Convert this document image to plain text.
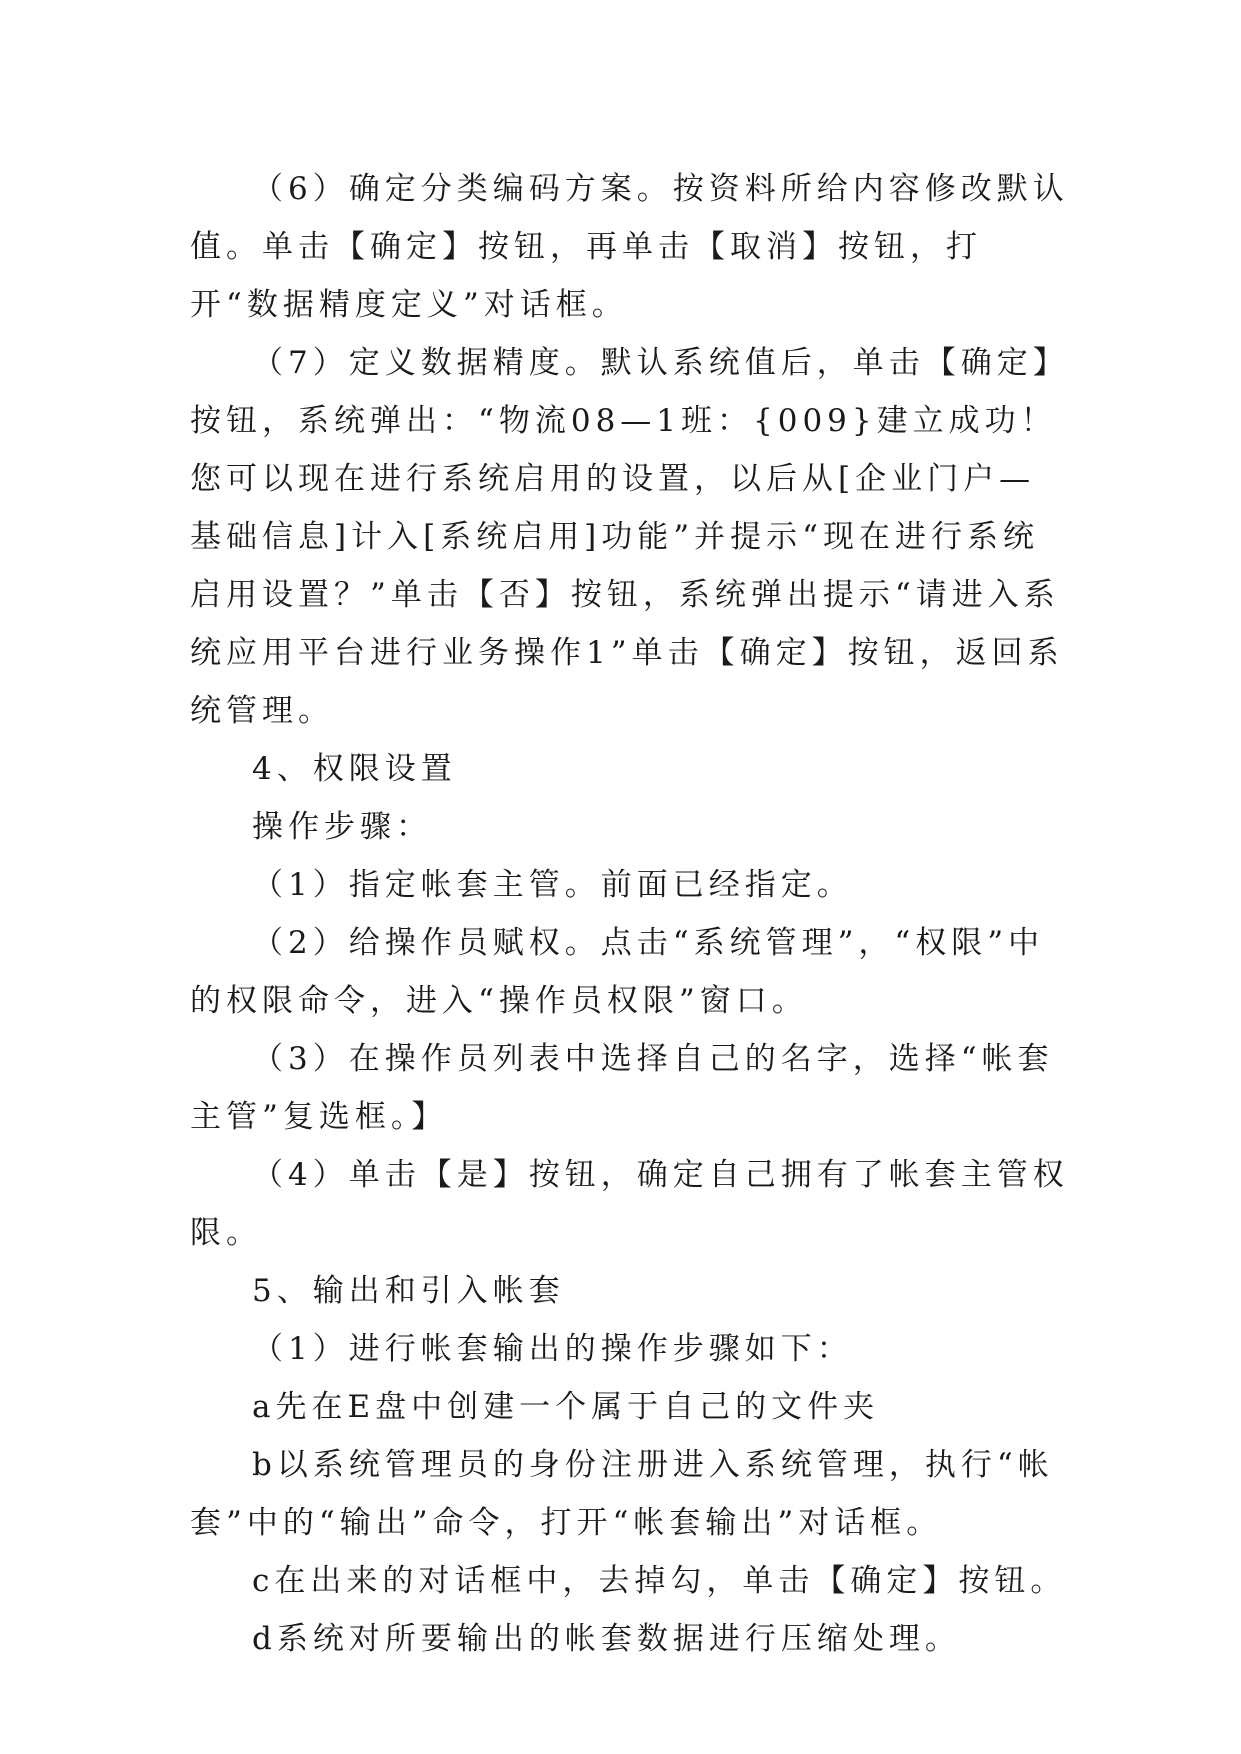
（6）确定分类编码方案。按资料所给内容修改默认值。单击【确定】按钮，再单击【取消】按钮，打开“数据精度定义”对话框。

（7）定义数据精度。默认系统值后，单击【确定】按钮，系统弹出：“物流08—1班：{009}建立成功！您可以现在进行系统启用的设置，以后从[企业门户—基础信息]计入[系统启用]功能”并提示“现在进行系统启用设置？”单击【否】按钮，系统弹出提示“请进入系统应用平台进行业务操作1”单击【确定】按钮，返回系统管理。

4、权限设置

操作步骤：

（1）指定帐套主管。前面已经指定。

（2）给操作员赋权。点击“系统管理”，“权限”中的权限命令，进入“操作员权限”窗口。

（3）在操作员列表中选择自己的名字，选择“帐套主管”复选框。】

（4）单击【是】按钮，确定自己拥有了帐套主管权限。

5、输出和引入帐套

（1）进行帐套输出的操作步骤如下：

a先在E盘中创建一个属于自己的文件夹

b以系统管理员的身份注册进入系统管理，执行“帐套”中的“输出”命令，打开“帐套输出”对话框。

c在出来的对话框中，去掉勾，单击【确定】按钮。

d系统对所要输出的帐套数据进行压缩处理。
